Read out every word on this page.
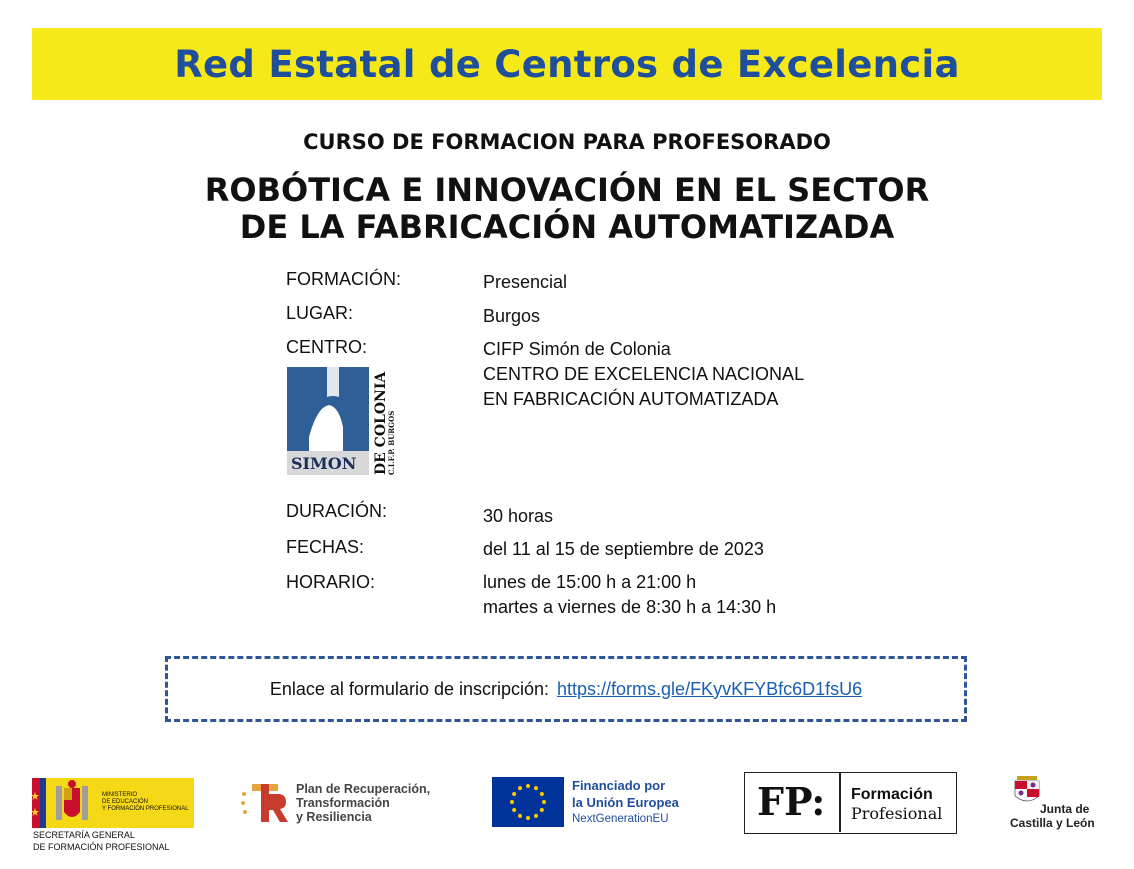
Red Estatal de Centros de Excelencia
CURSO DE FORMACION PARA PROFESORADO
ROBÓTICA E INNOVACIÓN EN EL SECTOR
DE LA FABRICACIÓN AUTOMATIZADA
FORMACIÓN:	Presencial
LUGAR:	Burgos
CENTRO:	CIFP Simón de Colonia
CENTRO DE EXCELENCIA NACIONAL
EN FABRICACIÓN AUTOMATIZADA
SIMON DE COLONIA
C.I.F.P. BURGOS
DURACIÓN:	30 horas
FECHAS:	del 11 al 15 de septiembre de 2023
HORARIO:	lunes de 15:00 h a 21:00 h
martes a viernes de 8:30 h a 14:30 h
Enlace al formulario de inscripción: https://forms.gle/FKyvKFYBfc6D1fsU6
MINISTERIO
DE EDUCACIÓN
Y FORMACIÓN PROFESIONAL
SECRETARÍA GENERAL
DE FORMACIÓN PROFESIONAL
Plan de Recuperación,
Transformación
y Resiliencia
Financiado por
la Unión Europea
NextGenerationEU FP: Formación
Profesional	Junta de
Castilla y León
